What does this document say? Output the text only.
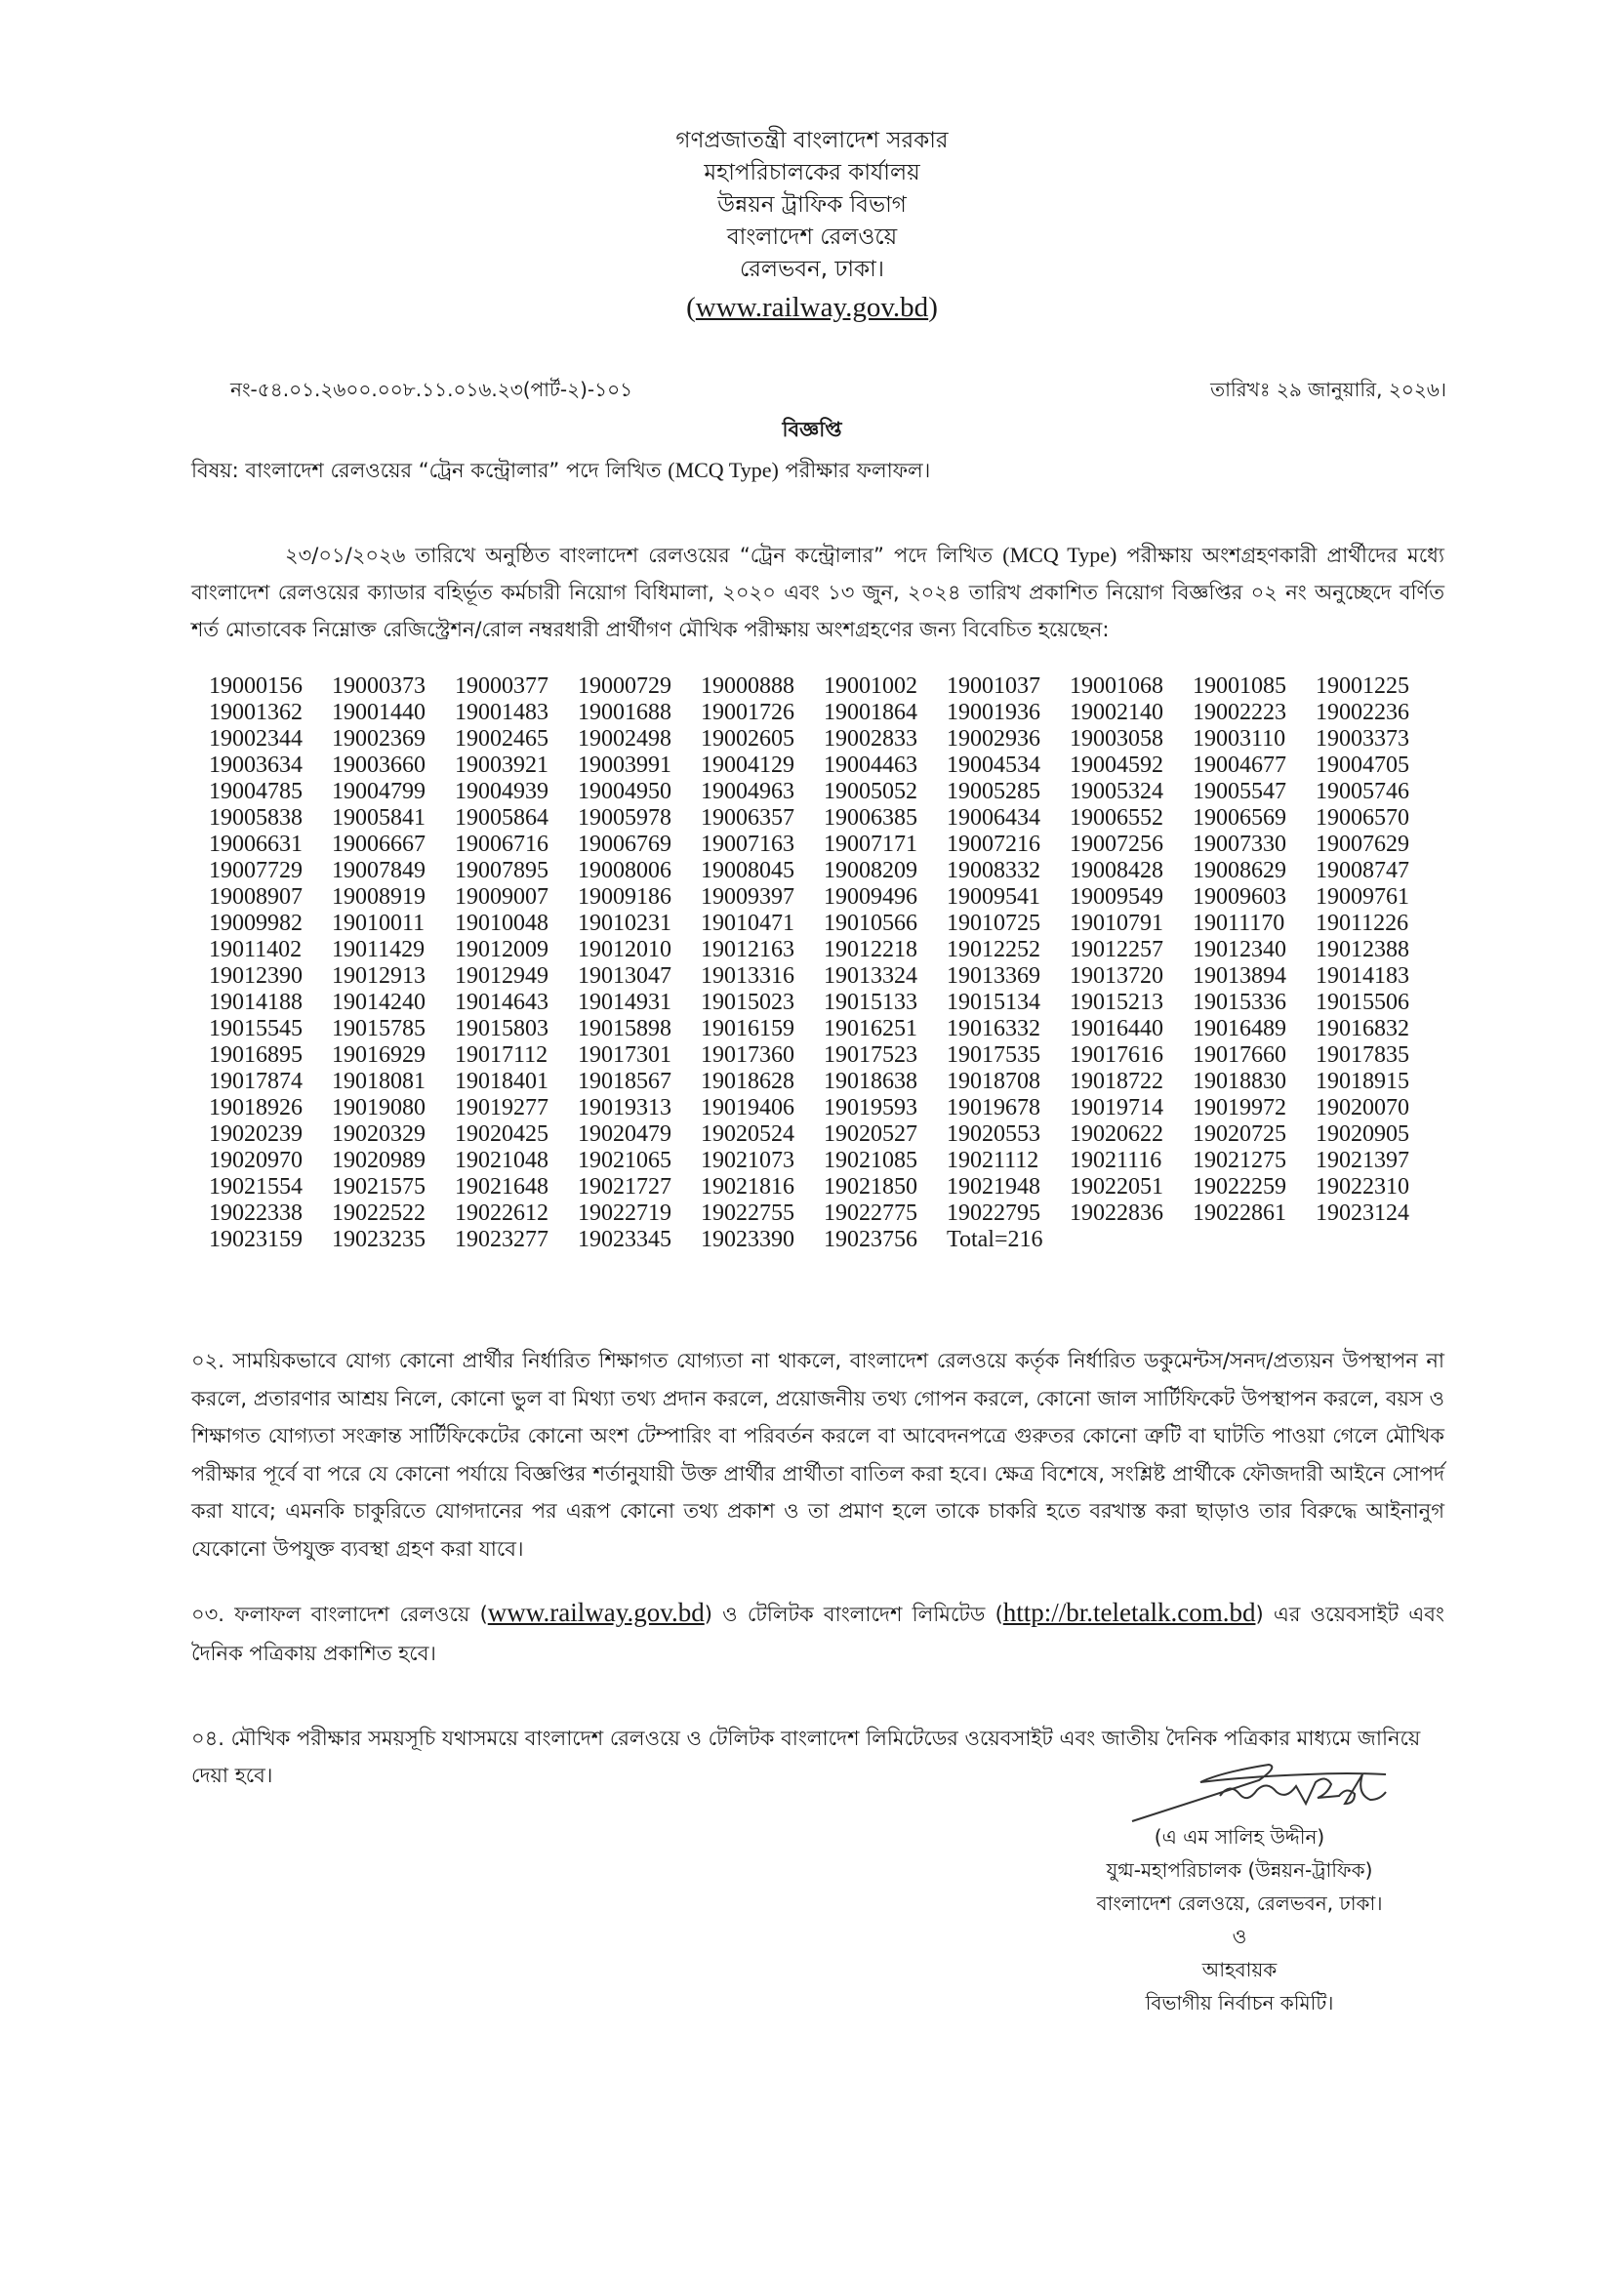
গণপ্রজাতন্ত্রী বাংলাদেশ সরকার
মহাপরিচালকের কার্যালয়
উন্নয়ন ট্রাফিক বিভাগ
বাংলাদেশ রেলওয়ে
রেলভবন, ঢাকা।
(www.railway.gov.bd)
নং-৫৪.০১.২৬০০.০০৮.১১.০১৬.২৩(পার্ট-২)-১০১	তারিখঃ ২৯ জানুয়ারি, ২০২৬।
বিজ্ঞপ্তি
বিষয়: বাংলাদেশ রেলওয়ের “ট্রেন কন্ট্রোলার” পদে লিখিত (MCQ Type) পরীক্ষার ফলাফল।
২৩/০১/২০২৬ তারিখে অনুষ্ঠিত বাংলাদেশ রেলওয়ের “ট্রেন কন্ট্রোলার” পদে লিখিত (MCQ Type) পরীক্ষায় অংশগ্রহণকারী প্রার্থীদের মধ্যে বাংলাদেশ রেলওয়ের ক্যাডার বহির্ভূত কর্মচারী নিয়োগ বিধিমালা, ২০২০ এবং ১৩ জুন, ২০২৪ তারিখ প্রকাশিত নিয়োগ বিজ্ঞপ্তির ০২ নং অনুচ্ছেদে বর্ণিত শর্ত মোতাবেক নিম্নোক্ত রেজিস্ট্রেশন/রোল নম্বরধারী প্রার্থীগণ মৌখিক পরীক্ষায় অংশগ্রহণের জন্য বিবেচিত হয়েছেন:
19000156	19000373	19000377	19000729	19000888	19001002	19001037	19001068	19001085	19001225
19001362	19001440	19001483	19001688	19001726	19001864	19001936	19002140	19002223	19002236
19002344	19002369	19002465	19002498	19002605	19002833	19002936	19003058	19003110	19003373
19003634	19003660	19003921	19003991	19004129	19004463	19004534	19004592	19004677	19004705
19004785	19004799	19004939	19004950	19004963	19005052	19005285	19005324	19005547	19005746
19005838	19005841	19005864	19005978	19006357	19006385	19006434	19006552	19006569	19006570
19006631	19006667	19006716	19006769	19007163	19007171	19007216	19007256	19007330	19007629
19007729	19007849	19007895	19008006	19008045	19008209	19008332	19008428	19008629	19008747
19008907	19008919	19009007	19009186	19009397	19009496	19009541	19009549	19009603	19009761
19009982	19010011	19010048	19010231	19010471	19010566	19010725	19010791	19011170	19011226
19011402	19011429	19012009	19012010	19012163	19012218	19012252	19012257	19012340	19012388
19012390	19012913	19012949	19013047	19013316	19013324	19013369	19013720	19013894	19014183
19014188	19014240	19014643	19014931	19015023	19015133	19015134	19015213	19015336	19015506
19015545	19015785	19015803	19015898	19016159	19016251	19016332	19016440	19016489	19016832
19016895	19016929	19017112	19017301	19017360	19017523	19017535	19017616	19017660	19017835
19017874	19018081	19018401	19018567	19018628	19018638	19018708	19018722	19018830	19018915
19018926	19019080	19019277	19019313	19019406	19019593	19019678	19019714	19019972	19020070
19020239	19020329	19020425	19020479	19020524	19020527	19020553	19020622	19020725	19020905
19020970	19020989	19021048	19021065	19021073	19021085	19021112	19021116	19021275	19021397
19021554	19021575	19021648	19021727	19021816	19021850	19021948	19022051	19022259	19022310
19022338	19022522	19022612	19022719	19022755	19022775	19022795	19022836	19022861	19023124
19023159	19023235	19023277	19023345	19023390	19023756	Total=216
০২. সাময়িকভাবে যোগ্য কোনো প্রার্থীর নির্ধারিত শিক্ষাগত যোগ্যতা না থাকলে, বাংলাদেশ রেলওয়ে কর্তৃক নির্ধারিত ডকুমেন্টস/সনদ/প্রত্যয়ন উপস্থাপন না করলে, প্রতারণার আশ্রয় নিলে, কোনো ভুল বা মিথ্যা তথ্য প্রদান করলে, প্রয়োজনীয় তথ্য গোপন করলে, কোনো জাল সার্টিফিকেট উপস্থাপন করলে, বয়স ও শিক্ষাগত যোগ্যতা সংক্রান্ত সার্টিফিকেটের কোনো অংশ টেম্পারিং বা পরিবর্তন করলে বা আবেদনপত্রে গুরুতর কোনো ত্রুটি বা ঘাটতি পাওয়া গেলে মৌখিক পরীক্ষার পূর্বে বা পরে যে কোনো পর্যায়ে বিজ্ঞপ্তির শর্তানুযায়ী উক্ত প্রার্থীর প্রার্থীতা বাতিল করা হবে। ক্ষেত্র বিশেষে, সংশ্লিষ্ট প্রার্থীকে ফৌজদারী আইনে সোপর্দ করা যাবে; এমনকি চাকুরিতে যোগদানের পর এরূপ কোনো তথ্য প্রকাশ ও তা প্রমাণ হলে তাকে চাকরি হতে বরখাস্ত করা ছাড়াও তার বিরুদ্ধে আইনানুগ যেকোনো উপযুক্ত ব্যবস্থা গ্রহণ করা যাবে।
০৩. ফলাফল বাংলাদেশ রেলওয়ে (www.railway.gov.bd) ও টেলিটক বাংলাদেশ লিমিটেড (http://br.teletalk.com.bd) এর ওয়েবসাইট এবং দৈনিক পত্রিকায় প্রকাশিত হবে।
০৪. মৌখিক পরীক্ষার সময়সূচি যথাসময়ে বাংলাদেশ রেলওয়ে ও টেলিটক বাংলাদেশ লিমিটেডের ওয়েবসাইট এবং জাতীয় দৈনিক পত্রিকার মাধ্যমে জানিয়ে দেয়া হবে।
(এ এম সালিহ উদ্দীন)
যুগ্ম-মহাপরিচালক (উন্নয়ন-ট্রাফিক)
বাংলাদেশ রেলওয়ে, রেলভবন, ঢাকা।
ও
আহবায়ক
বিভাগীয় নির্বাচন কমিটি।
